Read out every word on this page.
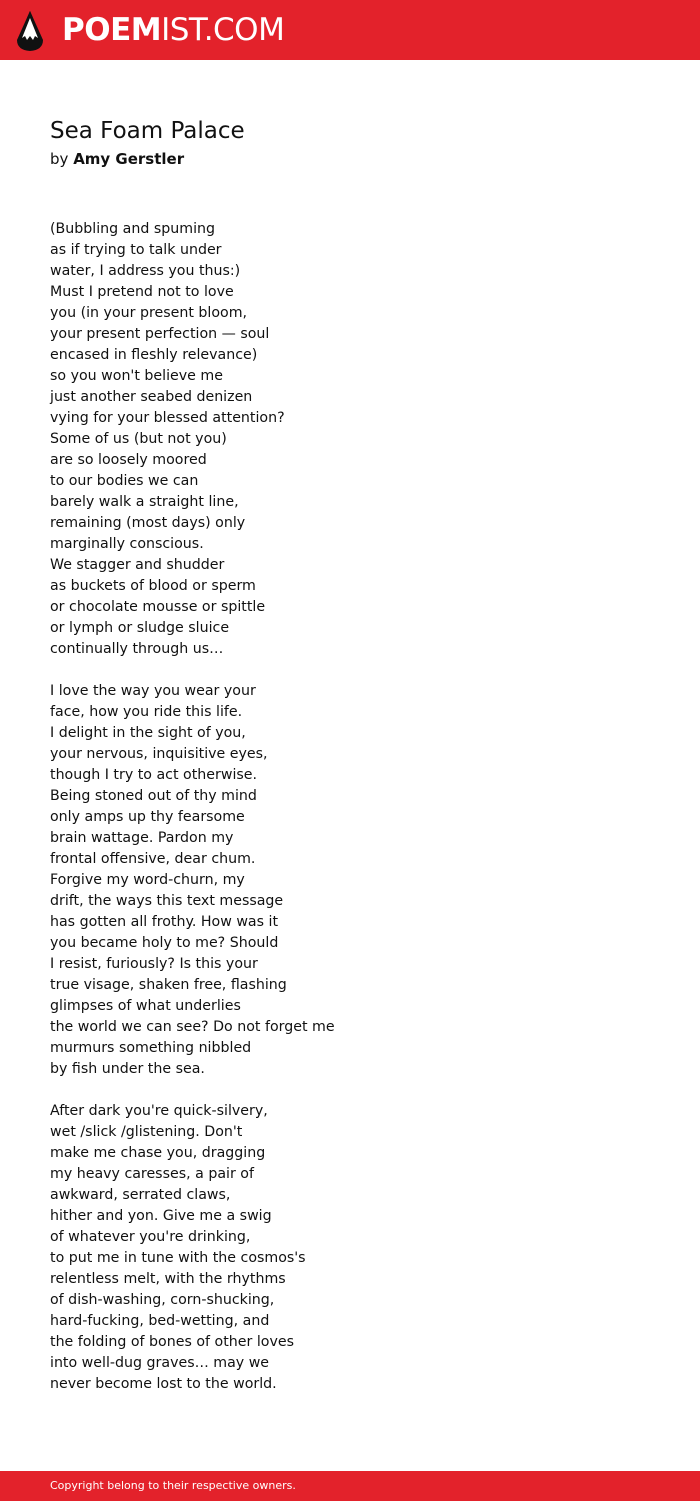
POEMIST.COM
Sea Foam Palace
by Amy Gerstler
(Bubbling and spuming
as if trying to talk under
water, I address you thus:)
Must I pretend not to love
you (in your present bloom,
your present perfection — soul
encased in fleshly relevance)
so you won't believe me
just another seabed denizen
vying for your blessed attention?
Some of us (but not you)
are so loosely moored
to our bodies we can
barely walk a straight line,
remaining (most days) only
marginally conscious.
We stagger and shudder
as buckets of blood or sperm
or chocolate mousse or spittle
or lymph or sludge sluice
continually through us…
I love the way you wear your
face, how you ride this life.
I delight in the sight of you,
your nervous, inquisitive eyes,
though I try to act otherwise.
Being stoned out of thy mind
only amps up thy fearsome
brain wattage. Pardon my
frontal offensive, dear chum.
Forgive my word-churn, my
drift, the ways this text message
has gotten all frothy. How was it
you became holy to me? Should
I resist, furiously? Is this your
true visage, shaken free, flashing
glimpses of what underlies
the world we can see? Do not forget me
murmurs something nibbled
by fish under the sea.
After dark you're quick-silvery,
wet /slick /glistening. Don't
make me chase you, dragging
my heavy caresses, a pair of
awkward, serrated claws,
hither and yon. Give me a swig
of whatever you're drinking,
to put me in tune with the cosmos's
relentless melt, with the rhythms
of dish-washing, corn-shucking,
hard-fucking, bed-wetting, and
the folding of bones of other loves
into well-dug graves… may we
never become lost to the world.
Copyright belong to their respective owners.
